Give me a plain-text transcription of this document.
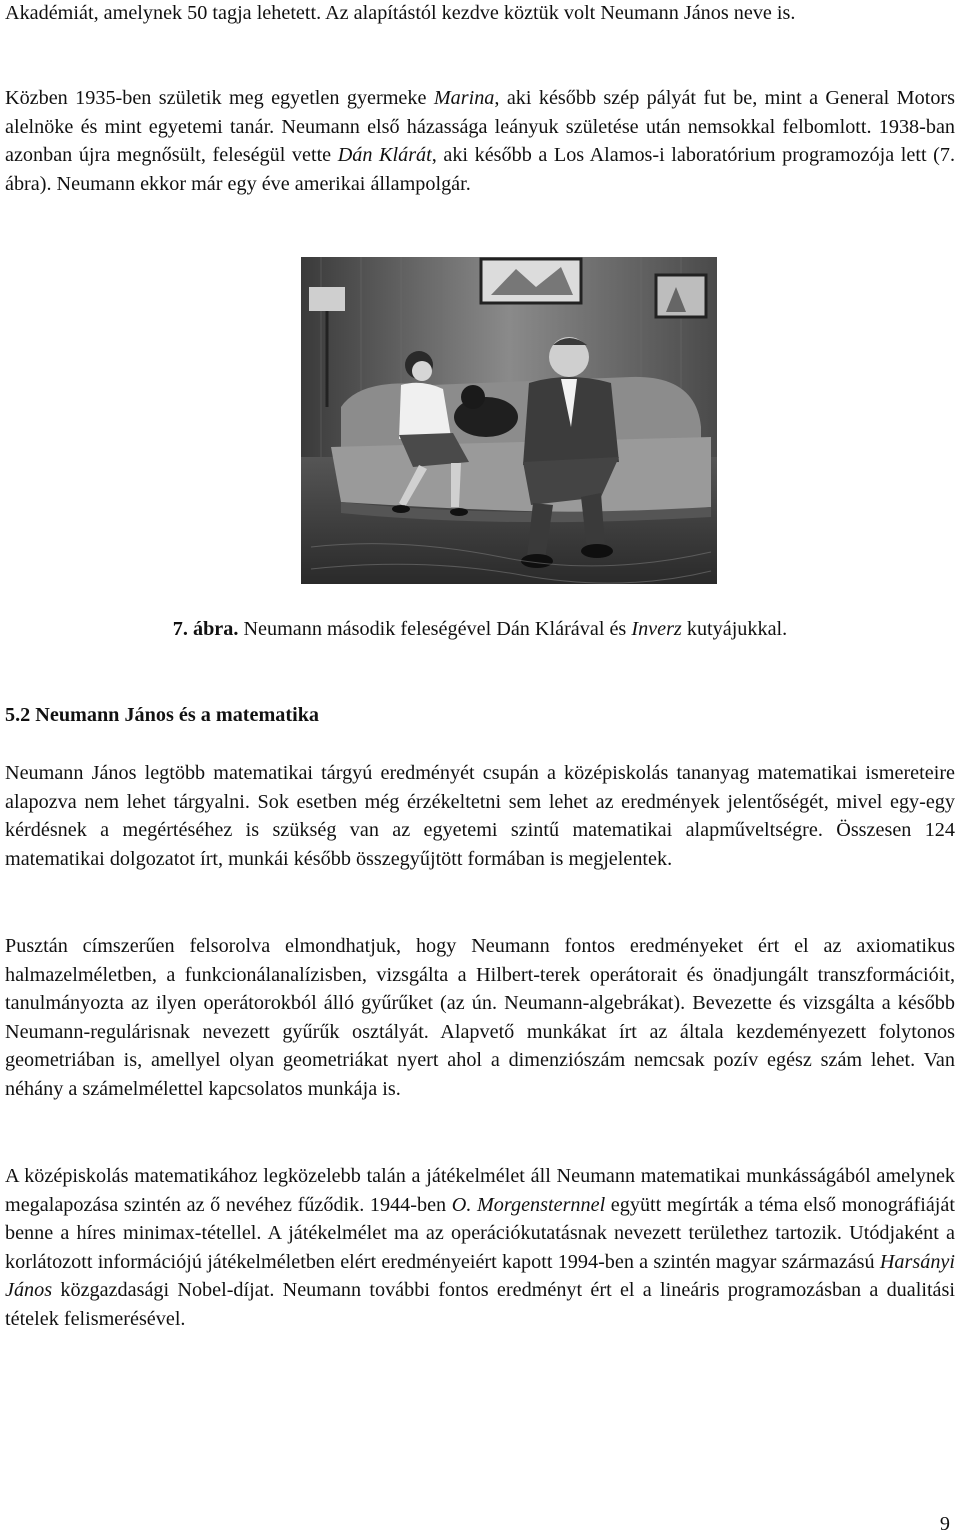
Akadémiát, amelynek 50 tagja lehetett. Az alapítástól kezdve köztük volt Neumann János neve is.

Közben 1935-ben születik meg egyetlen gyermeke Marina, aki később szép pályát fut be, mint a General Motors alelnöke és mint egyetemi tanár. Neumann első házassága leányuk születése után nemsokkal felbomlott. 1938-ban azonban újra megnősült, feleségül vette Dán Klárát, aki később a Los Alamos-i laboratórium programozója lett (7. ábra). Neumann ekkor már egy éve amerikai állampolgár.

7. ábra. Neumann második feleségével Dán Klárával és Inverz kutyájukkal.
5.2 Neumann János és a matematika

Neumann János legtöbb matematikai tárgyú eredményét csupán a középiskolás tananyag matematikai ismereteire alapozva nem lehet tárgyalni. Sok esetben még érzékeltetni sem lehet az eredmények jelentőségét, mivel egy-egy kérdésnek a megértéséhez is szükség van az egyetemi szintű matematikai alapműveltségre. Összesen 124 matematikai dolgozatot írt, munkái később összegyűjtött formában is megjelentek.

Pusztán címszerűen felsorolva elmondhatjuk, hogy Neumann fontos eredményeket ért el az axiomatikus halmazelméletben, a funkcionálanalízisben, vizsgálta a Hilbert-terek operátorait és önadjungált transzformációit, tanulmányozta az ilyen operátorokból álló gyűrűket (az ún. Neumann-algebrákat). Bevezette és vizsgálta a később Neumann-regulárisnak nevezett gyűrűk osztályát. Alapvető munkákat írt az általa kezdeményezett folytonos geometriában is, amellyel olyan geometriákat nyert ahol a dimenziószám nemcsak pozív egész szám lehet. Van néhány a számelmélettel kapcsolatos munkája is.

A középiskolás matematikához legközelebb talán a játékelmélet áll Neumann matematikai munkásságából amelynek megalapozása szintén az ő nevéhez fűződik. 1944-ben O. Morgensternnel együtt megírták a téma első monográfiáját benne a híres minimax-tétellel. A játékelmélet ma az operációkutatásnak nevezett területhez tartozik. Utódjaként a korlátozott információjú játékelméletben elért eredményeiért kapott 1994-ben a szintén magyar származású Harsányi János közgazdasági Nobel-díjat. Neumann további fontos eredményt ért el a lineáris programozásban a dualitási tételek felismerésével.

9
